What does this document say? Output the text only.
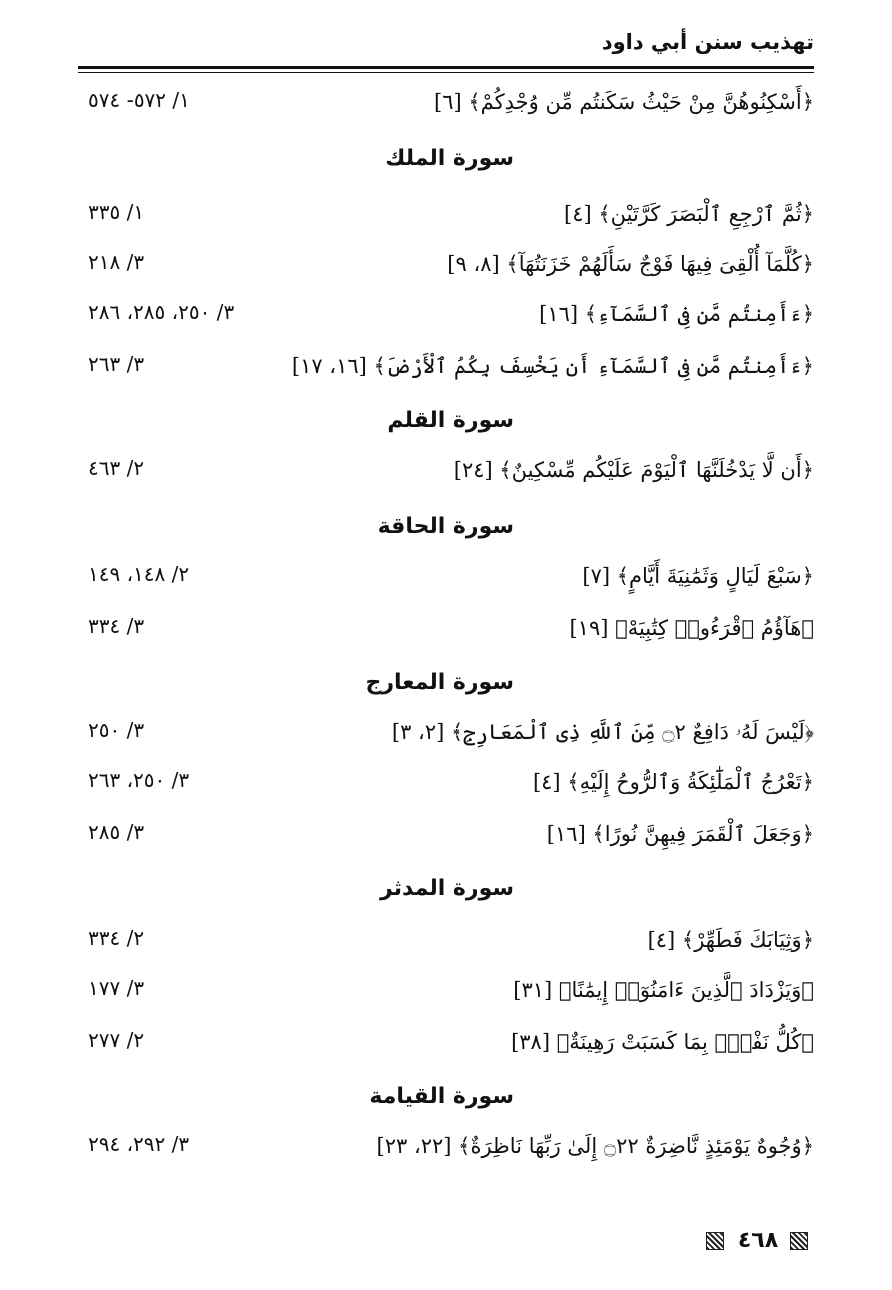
تهذيب سنن أبي داود
﴿أَسْكِنُوهُنَّ مِنْ حَيْثُ سَكَنتُم مِّن وُجْدِكُمْ﴾ [٦]
١/ ٥٧٢- ٥٧٤
سورة الملك
﴿ثُمَّ ٱرْجِعِ ٱلْبَصَرَ كَرَّتَيْنِ﴾ [٤]
١/ ٣٣٥
﴿كُلَّمَآ أُلْقِىَ فِيهَا فَوْجٌ سَأَلَهُمْ خَزَنَتُهَآ﴾ [٨، ٩]
٣/ ٢١٨
﴿ءَأَمِنتُم مَّن فِى ٱلسَّمَآءِ﴾ [١٦]
٣/ ٢٥٠، ٢٨٥، ٢٨٦
﴿ءَأَمِنتُم مَّن فِى ٱلسَّمَآءِ أَن يَخْسِفَ بِكُمُ ٱلْأَرْضَ﴾ [١٦، ١٧]
٣/ ٢٦٣
سورة القلم
﴿أَن لَّا يَدْخُلَنَّهَا ٱلْيَوْمَ عَلَيْكُم مِّسْكِينٌ﴾ [٢٤]
٢/ ٤٦٣
سورة الحاقة
﴿سَبْعَ لَيَالٍ وَثَمَٰنِيَةَ أَيَّامٍ﴾ [٧]
٢/ ١٤٨، ١٤٩
﴿هَآؤُمُ ٱقْرَءُوا۟ كِتَٰبِيَهْ﴾ [١٩]
٣/ ٣٣٤
سورة المعارج
﴿لَيْسَ لَهُۥ دَافِعٌ ۝٢ مِّنَ ٱللَّهِ ذِى ٱلْمَعَارِجِ﴾ [٢، ٣]
٣/ ٢٥٠
﴿تَعْرُجُ ٱلْمَلَٰٓئِكَةُ وَٱلرُّوحُ إِلَيْهِ﴾ [٤]
٣/ ٢٥٠، ٢٦٣
﴿وَجَعَلَ ٱلْقَمَرَ فِيهِنَّ نُورًا﴾ [١٦]
٣/ ٢٨٥
سورة المدثر
﴿وَثِيَابَكَ فَطَهِّرْ﴾ [٤]
٢/ ٣٣٤
﴿وَيَزْدَادَ ٱلَّذِينَ ءَامَنُوٓا۟ إِيمَٰنًا﴾ [٣١]
٣/ ١٧٧
﴿كُلُّ نَفْسٍۭ بِمَا كَسَبَتْ رَهِينَةٌ﴾ [٣٨]
٢/ ٢٧٧
سورة القيامة
﴿وُجُوهٌ يَوْمَئِذٍ نَّاضِرَةٌ ۝٢٢ إِلَىٰ رَبِّهَا نَاظِرَةٌ﴾ [٢٢، ٢٣]
٣/ ٢٩٢، ٢٩٤
٤٦٨
